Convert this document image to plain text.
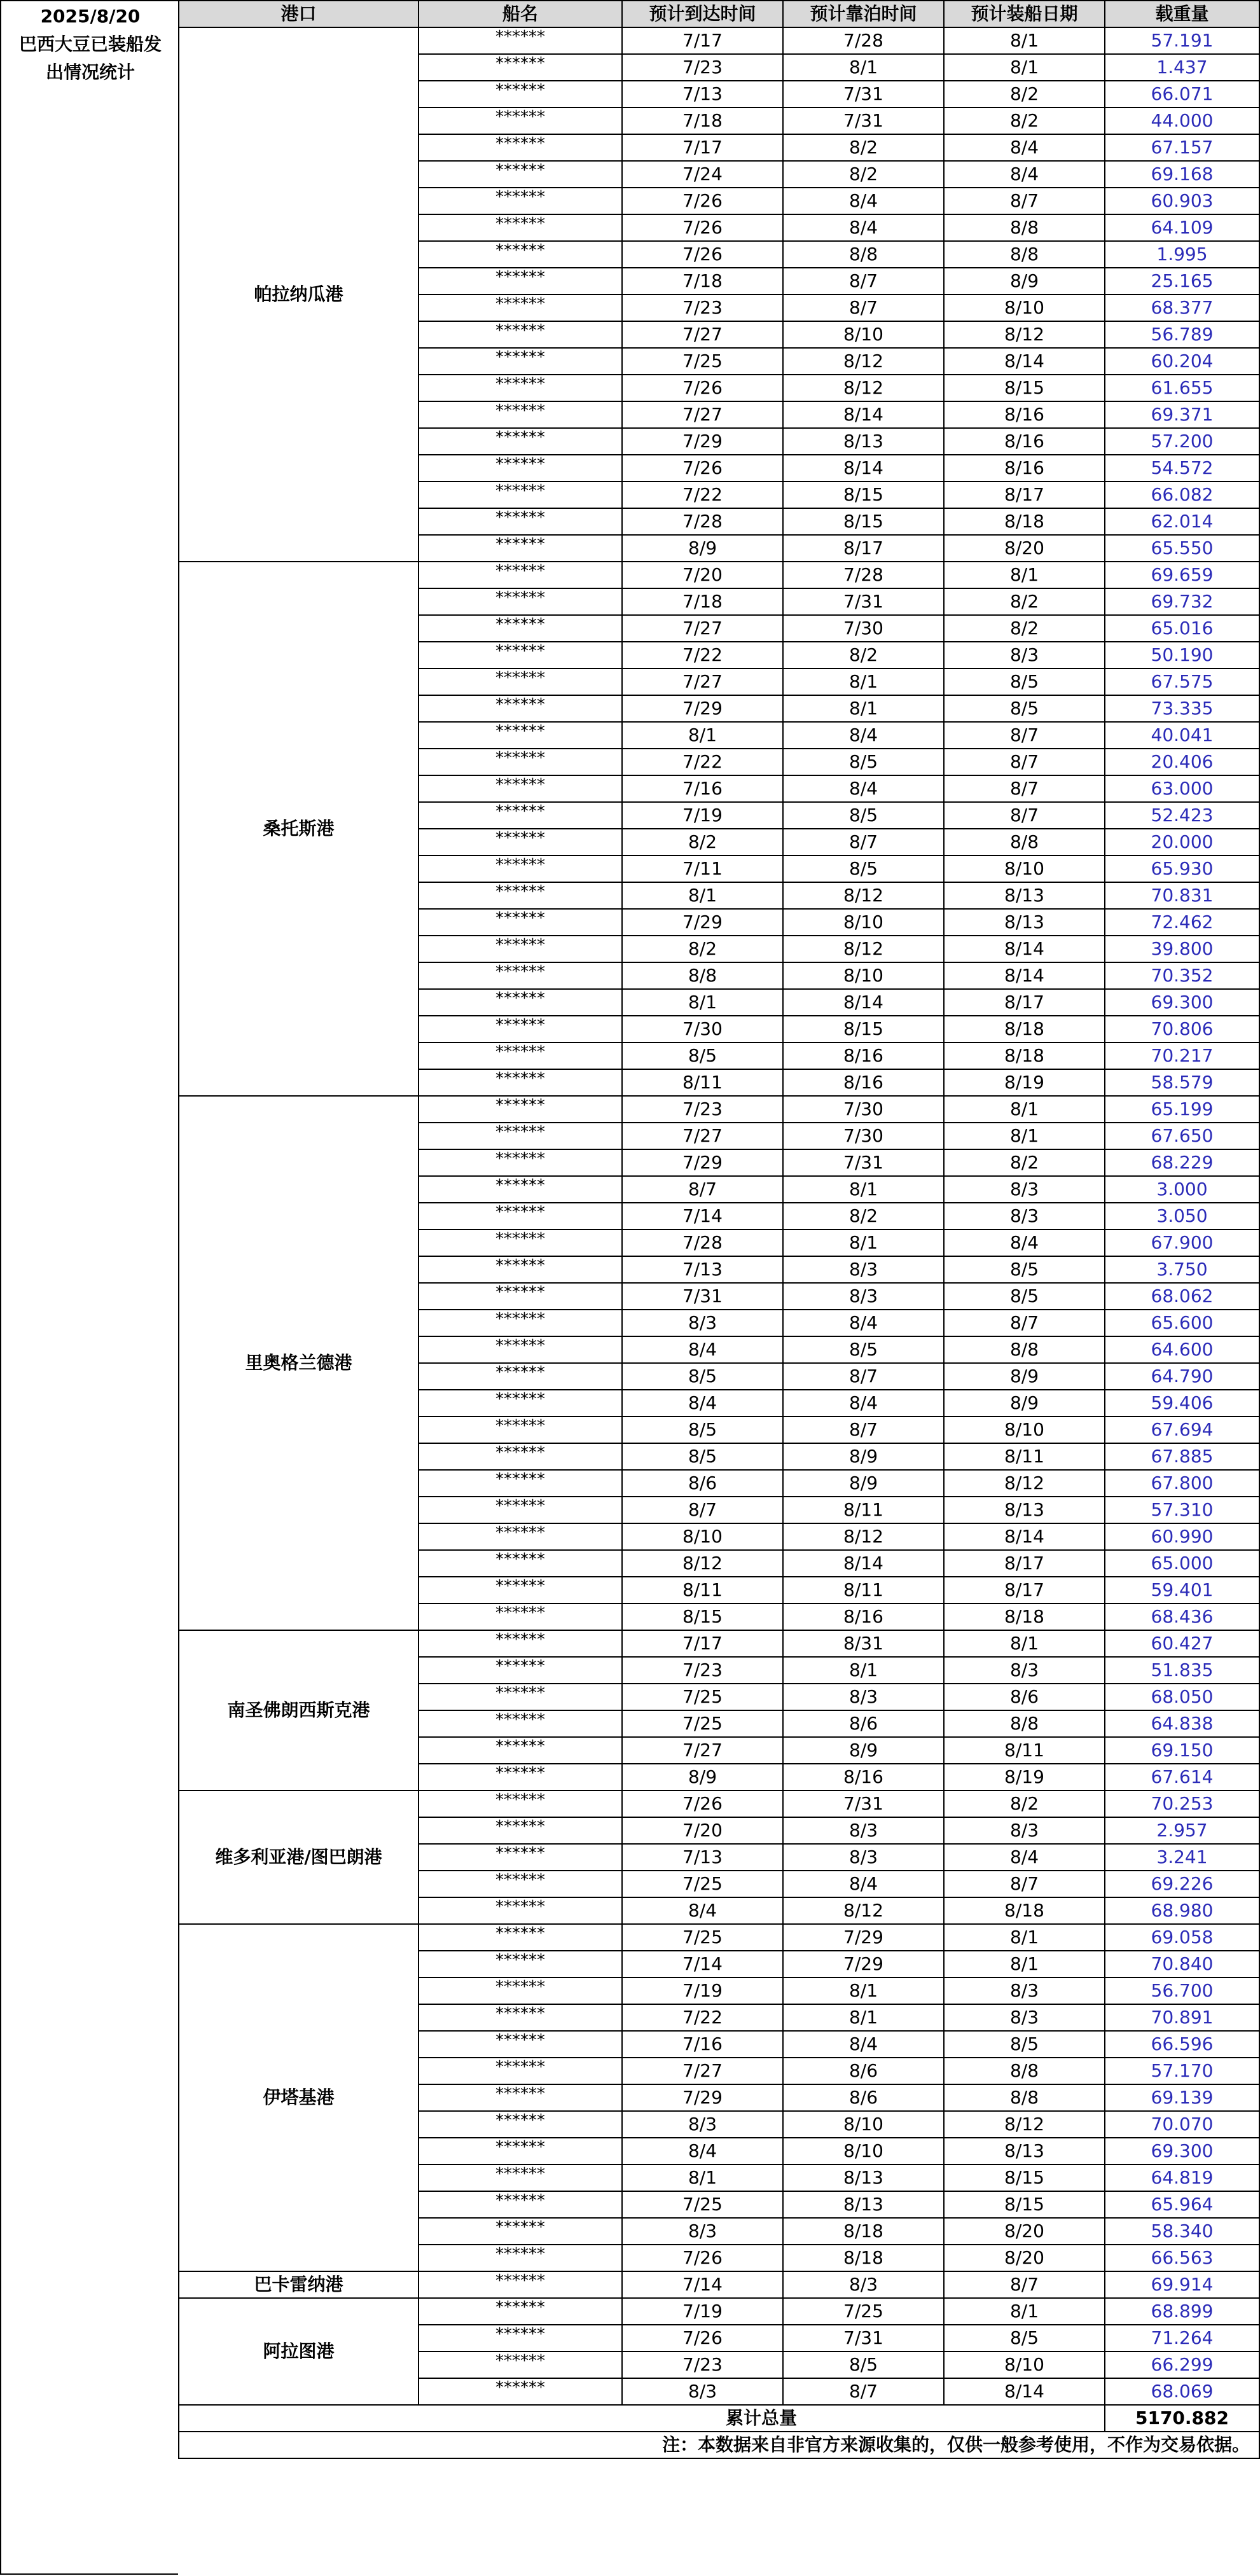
2025/8/20
巴西大豆已装船发
出情况统计
港口	船名	预计到达时间	预计靠泊时间	预计装船日期	载重量
帕拉纳瓜港	******	7/17	7/28	8/1	57.191
	******	7/23	8/1	8/1	1.437
	******	7/13	7/31	8/2	66.071
	******	7/18	7/31	8/2	44.000
	******	7/17	8/2	8/4	67.157
	******	7/24	8/2	8/4	69.168
	******	7/26	8/4	8/7	60.903
	******	7/26	8/4	8/8	64.109
	******	7/26	8/8	8/8	1.995
	******	7/18	8/7	8/9	25.165
	******	7/23	8/7	8/10	68.377
	******	7/27	8/10	8/12	56.789
	******	7/25	8/12	8/14	60.204
	******	7/26	8/12	8/15	61.655
	******	7/27	8/14	8/16	69.371
	******	7/29	8/13	8/16	57.200
	******	7/26	8/14	8/16	54.572
	******	7/22	8/15	8/17	66.082
	******	7/28	8/15	8/18	62.014
	******	8/9	8/17	8/20	65.550
桑托斯港	******	7/20	7/28	8/1	69.659
	******	7/18	7/31	8/2	69.732
	******	7/27	7/30	8/2	65.016
	******	7/22	8/2	8/3	50.190
	******	7/27	8/1	8/5	67.575
	******	7/29	8/1	8/5	73.335
	******	8/1	8/4	8/7	40.041
	******	7/22	8/5	8/7	20.406
	******	7/16	8/4	8/7	63.000
	******	7/19	8/5	8/7	52.423
	******	8/2	8/7	8/8	20.000
	******	7/11	8/5	8/10	65.930
	******	8/1	8/12	8/13	70.831
	******	7/29	8/10	8/13	72.462
	******	8/2	8/12	8/14	39.800
	******	8/8	8/10	8/14	70.352
	******	8/1	8/14	8/17	69.300
	******	7/30	8/15	8/18	70.806
	******	8/5	8/16	8/18	70.217
	******	8/11	8/16	8/19	58.579
里奥格兰德港	******	7/23	7/30	8/1	65.199
	******	7/27	7/30	8/1	67.650
	******	7/29	7/31	8/2	68.229
	******	8/7	8/1	8/3	3.000
	******	7/14	8/2	8/3	3.050
	******	7/28	8/1	8/4	67.900
	******	7/13	8/3	8/5	3.750
	******	7/31	8/3	8/5	68.062
	******	8/3	8/4	8/7	65.600
	******	8/4	8/5	8/8	64.600
	******	8/5	8/7	8/9	64.790
	******	8/4	8/4	8/9	59.406
	******	8/5	8/7	8/10	67.694
	******	8/5	8/9	8/11	67.885
	******	8/6	8/9	8/12	67.800
	******	8/7	8/11	8/13	57.310
	******	8/10	8/12	8/14	60.990
	******	8/12	8/14	8/17	65.000
	******	8/11	8/11	8/17	59.401
	******	8/15	8/16	8/18	68.436
南圣佛朗西斯克港	******	7/17	8/31	8/1	60.427
	******	7/23	8/1	8/3	51.835
	******	7/25	8/3	8/6	68.050
	******	7/25	8/6	8/8	64.838
	******	7/27	8/9	8/11	69.150
	******	8/9	8/16	8/19	67.614
维多利亚港/图巴朗港	******	7/26	7/31	8/2	70.253
	******	7/20	8/3	8/3	2.957
	******	7/13	8/3	8/4	3.241
	******	7/25	8/4	8/7	69.226
	******	8/4	8/12	8/18	68.980
伊塔基港	******	7/25	7/29	8/1	69.058
	******	7/14	7/29	8/1	70.840
	******	7/19	8/1	8/3	56.700
	******	7/22	8/1	8/3	70.891
	******	7/16	8/4	8/5	66.596
	******	7/27	8/6	8/8	57.170
	******	7/29	8/6	8/8	69.139
	******	8/3	8/10	8/12	70.070
	******	8/4	8/10	8/13	69.300
	******	8/1	8/13	8/15	64.819
	******	7/25	8/13	8/15	65.964
	******	8/3	8/18	8/20	58.340
	******	7/26	8/18	8/20	66.563
巴卡雷纳港	******	7/14	8/3	8/7	69.914
阿拉图港	******	7/19	7/25	8/1	68.899
	******	7/26	7/31	8/5	71.264
	******	7/23	8/5	8/10	66.299
	******	8/3	8/7	8/14	68.069
	累计总量				5170.882
注：本数据来自非官方来源收集的，仅供一般参考使用，不作为交易依据。					
